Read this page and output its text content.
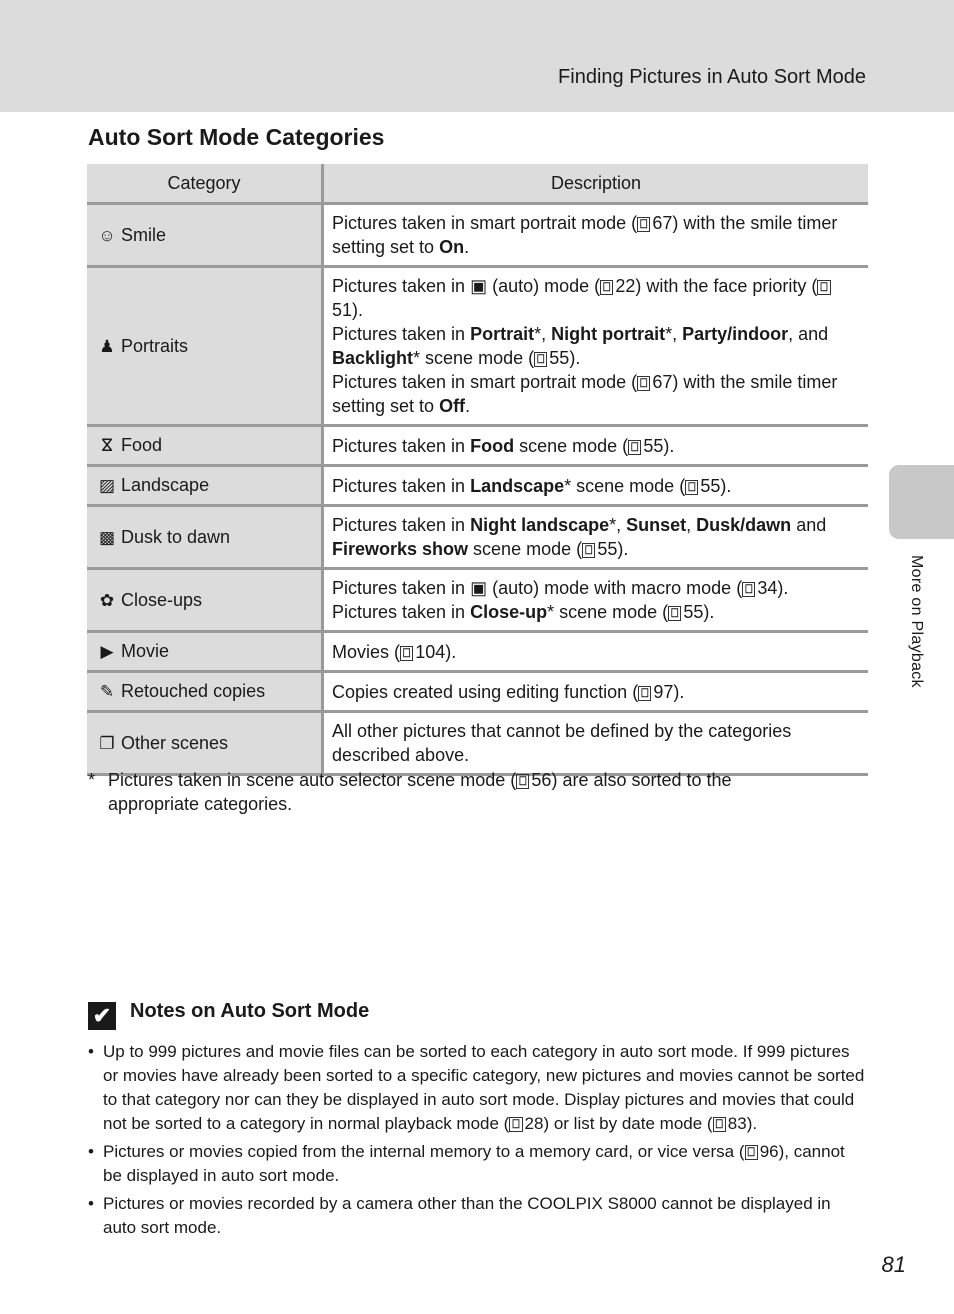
Finding Pictures in Auto Sort Mode
More on Playback
Auto Sort Mode Categories
Category	Description
☺ Smile	Pictures taken in smart portrait mode ( ⎕ 67) with the smile timer setting set to On.
♟ Portraits	Pictures taken in ▣ (auto) mode ( ⎕ 22) with the face priority ( ⎕51).
Pictures taken in Portrait*, Night portrait*, Party/indoor, and Backlight* scene mode ( ⎕ 55).
Pictures taken in smart portrait mode ( ⎕ 67) with the smile timer setting set to Off.
ⴵ Food	Pictures taken in Food scene mode ( ⎕ 55).
▨ Landscape	Pictures taken in Landscape* scene mode ( ⎕ 55).
▩ Dusk to dawn	Pictures taken in Night landscape*, Sunset, Dusk/dawn and Fireworks show scene mode ( ⎕ 55).
✿ Close-ups	Pictures taken in ▣ (auto) mode with macro mode ( ⎕ 34).
Pictures taken in Close-up* scene mode ( ⎕ 55).
▶ Movie	Movies ( ⎕ 104).
✎ Retouched copies	Copies created using editing function ( ⎕ 97).
❐ Other scenes	All other pictures that cannot be defined by the categories described above.
* Pictures taken in scene auto selector scene mode ( ⎕ 56) are also sorted to the appropriate categories.
✔ Notes on Auto Sort Mode
• Up to 999 pictures and movie files can be sorted to each category in auto sort mode. If 999 pictures or movies have already been sorted to a specific category, new pictures and movies cannot be sorted to that category nor can they be displayed in auto sort mode. Display pictures and movies that could not be sorted to a category in normal playback mode ( ⎕ 28) or list by date mode ( ⎕ 83).
• Pictures or movies copied from the internal memory to a memory card, or vice versa ( ⎕ 96), cannot be displayed in auto sort mode.
• Pictures or movies recorded by a camera other than the COOLPIX S8000 cannot be displayed in auto sort mode.
81
